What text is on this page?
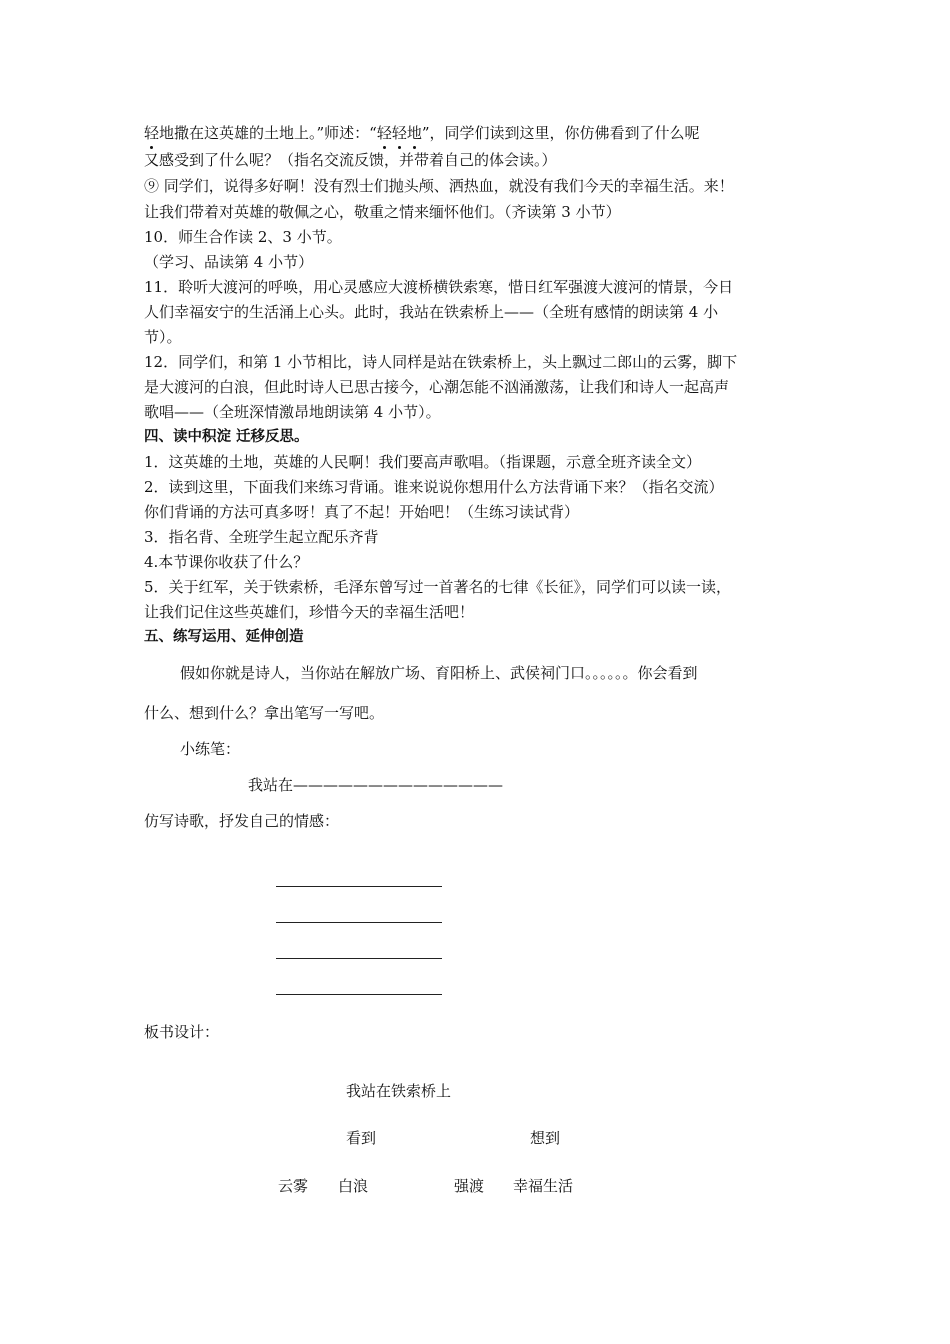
轻
地撒在这英雄的土地上。”师述：“轻轻地
”，同学们读到这里，你仿佛看到了什么呢
又感受到了什么呢？（指名交流反馈，并带着自己的体会读。）
⑨ 同学们，说得多好啊！没有烈士们抛头颅、洒热血，就没有我们今天的幸福生活。来！
让我们带着对英雄的敬佩之心，敬重之情来缅怀他们。（齐读第 3 小节）
10．师生合作读 2、3 小节。
（学习、品读第 4 小节）
11．聆听大渡河的呼唤，用心灵感应大渡桥横铁索寒，惜日红军强渡大渡河的情景，今日
人们幸福安宁的生活涌上心头。此时，我站在铁索桥上——（全班有感情的朗读第 4 小
节）。
12．同学们，和第 1 小节相比，诗人同样是站在铁索桥上，头上飘过二郎山的云雾，脚下
是大渡河的白浪，但此时诗人已思古接今，心潮怎能不汹涌激荡，让我们和诗人一起高声
歌唱——（全班深情激昂地朗读第 4 小节）。
四、读中积淀 迁移反思。
1．这英雄的土地，英雄的人民啊！我们要高声歌唱。（指课题，示意全班齐读全文）
2．读到这里，下面我们来练习背诵。谁来说说你想用什么方法背诵下来？（指名交流）
你们背诵的方法可真多呀！真了不起！开始吧！（生练习读试背）
3．指名背、全班学生起立配乐齐背
4.本节课你收获了什么？
5．关于红军，关于铁索桥，毛泽东曾写过一首著名的七律《长征》，同学们可以读一读，
让我们记住这些英雄们，珍惜今天的幸福生活吧！
五、练写运用、延伸创造
假如你就是诗人，当你站在解放广场、育阳桥上、武侯祠门口。。。。。。你会看到
什么、想到什么？拿出笔写一写吧。
小练笔：
我站在——————————————
仿写诗歌，抒发自己的情感：
板书设计：
我站在铁索桥上
看到	想到
云雾 白浪	强渡 幸福生活
